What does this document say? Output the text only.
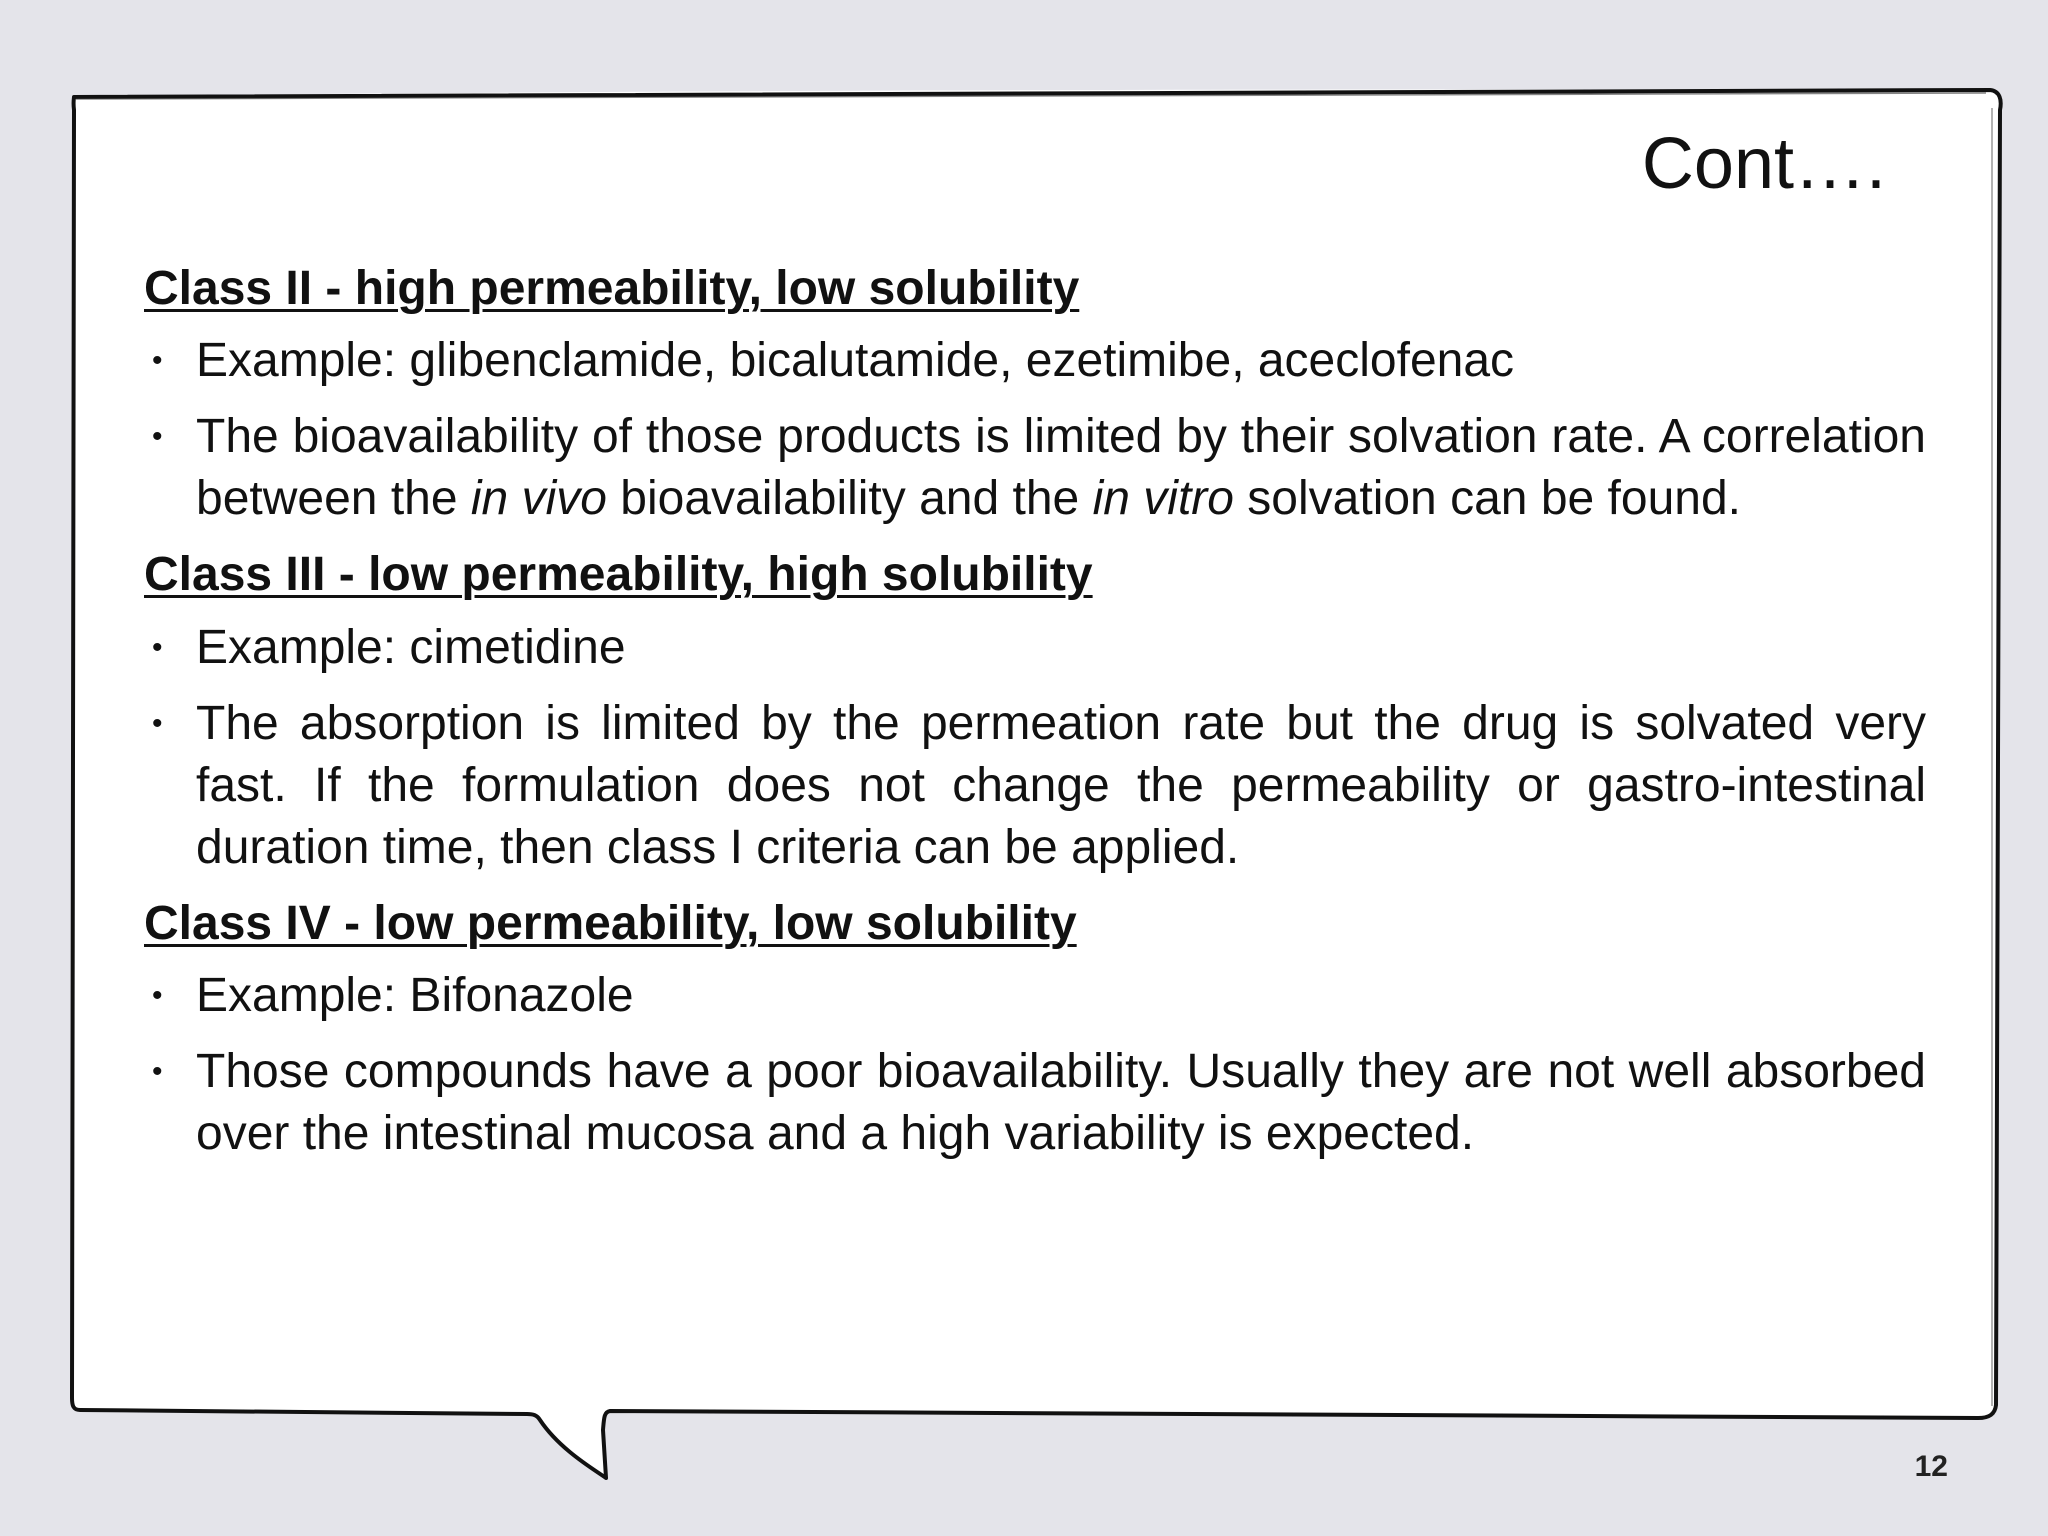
Cont….
Class II - high permeability, low solubility
• Example: glibenclamide, bicalutamide, ezetimibe, aceclofenac
• The bioavailability of those products is limited by their solvation rate. A correlation between the in vivo bioavailability and the in vitro solvation can be found.
Class III - low permeability, high solubility
• Example: cimetidine
• The absorption is limited by the permeation rate but the drug is solvated very fast. If the formulation does not change the permeability or gastro-intestinal duration time, then class I criteria can be applied.
Class IV - low permeability, low solubility
• Example: Bifonazole
• Those compounds have a poor bioavailability. Usually they are not well absorbed over the intestinal mucosa and a high variability is expected.
12
